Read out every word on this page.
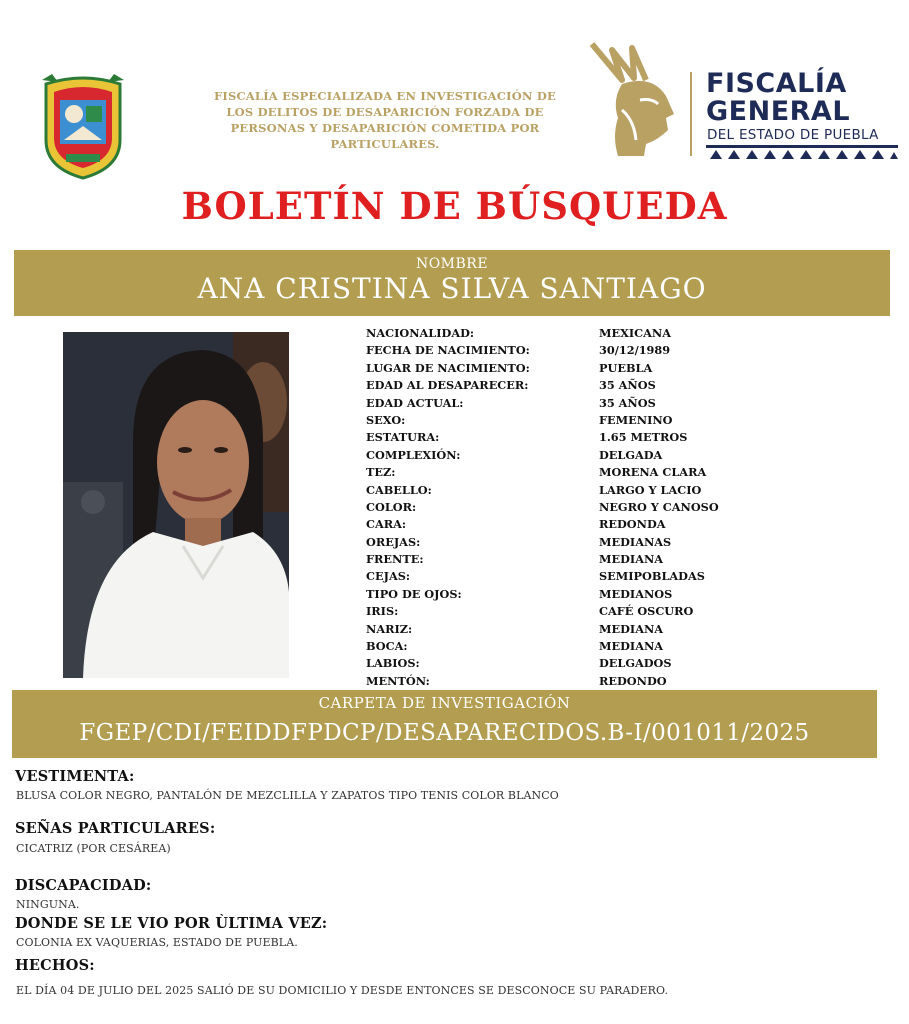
FISCALÍA ESPECIALIZADA EN INVESTIGACIÓN DE
LOS DELITOS DE DESAPARICIÓN FORZADA DE
PERSONAS Y DESAPARICIÓN COMETIDA POR
PARTICULARES.
FISCALÍA
GENERAL
DEL ESTADO DE PUEBLA
BOLETÍN DE BÚSQUEDA
NOMBRE
ANA CRISTINA SILVA SANTIAGO
NACIONALIDAD:	MEXICANA
FECHA DE NACIMIENTO:	30/12/1989
LUGAR DE NACIMIENTO:	PUEBLA
EDAD AL DESAPARECER:	35 AÑOS
EDAD ACTUAL:	35 AÑOS
SEXO:	FEMENINO
ESTATURA:	1.65 METROS
COMPLEXIÓN:	DELGADA
TEZ:	MORENA CLARA
CABELLO:	LARGO Y LACIO
COLOR:	NEGRO Y CANOSO
CARA:	REDONDA
OREJAS:	MEDIANAS
FRENTE:	MEDIANA
CEJAS:	SEMIPOBLADAS
TIPO DE OJOS:	MEDIANOS
IRIS:	CAFÉ OSCURO
NARIZ:	MEDIANA
BOCA:	MEDIANA
LABIOS:	DELGADOS
MENTÓN:	REDONDO
CARPETA DE INVESTIGACIÓN
FGEP/CDI/FEIDDFPDCP/DESAPARECIDOS.B-I/001011/2025
VESTIMENTA:
BLUSA COLOR NEGRO, PANTALÓN DE MEZCLILLA Y ZAPATOS TIPO TENIS COLOR BLANCO
SEÑAS PARTICULARES:
CICATRIZ (POR CESÁREA)
DISCAPACIDAD:
NINGUNA.
DONDE SE LE VIO POR ÙLTIMA VEZ:
COLONIA EX VAQUERIAS, ESTADO DE PUEBLA.
HECHOS:
EL DÍA 04 DE JULIO DEL 2025 SALIÓ DE SU DOMICILIO Y DESDE ENTONCES SE DESCONOCE SU PARADERO.
